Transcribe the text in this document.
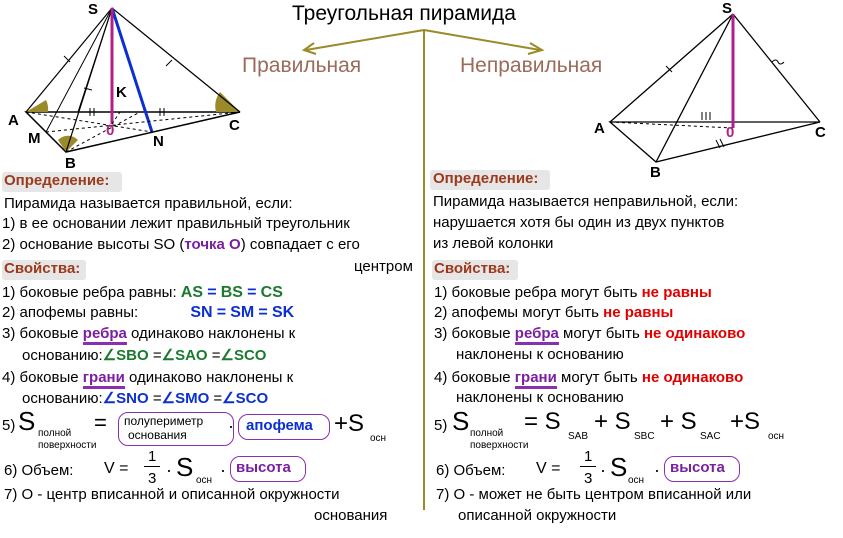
Треугольная пирамида
Правильная	Неправильная
S
A	C
M
B
N
K
0
S
A	C
B
0
Определение:
Пирамида называется правильной, если:
1) в ее основании лежит правильный треугольник
2) основание высоты SO (точка O) совпадает с его
центром
Свойства:
1) боковые ребра равны: AS = BS = CS
2) апофемы равны:	SN = SM = SK
3) боковые ребра одинаково наклонены к
основанию:∠SBO =∠SAO =∠SCO
4) боковые грани одинаково наклонены к
основанию:∠SNO =∠SMO =∠SCO
5) S полной
поверхности
= полупериметр
основания · апофема +S
осн
6) Объем: V =
1
3 · S осн
· высота
7) О - центр вписанной и описанной окружности
основания
Определение:
Пирамида называется неправильной, если:
нарушается хотя бы один из двух пунктов
из левой колонки
Свойства:
1) боковые ребра могут быть не равны
2) апофемы могут быть не равны
3) боковые ребра могут быть не одинаково
наклонены к основанию
4) боковые грани могут быть не одинаково
наклонены к основанию
5) S полной
поверхности
= S
SAB
+ S
SBC
+ S
SAC
+S
осн
6) Объем: V =
1
3 · S осн
· высота
7) О - может не быть центром вписанной или
описанной окружности
